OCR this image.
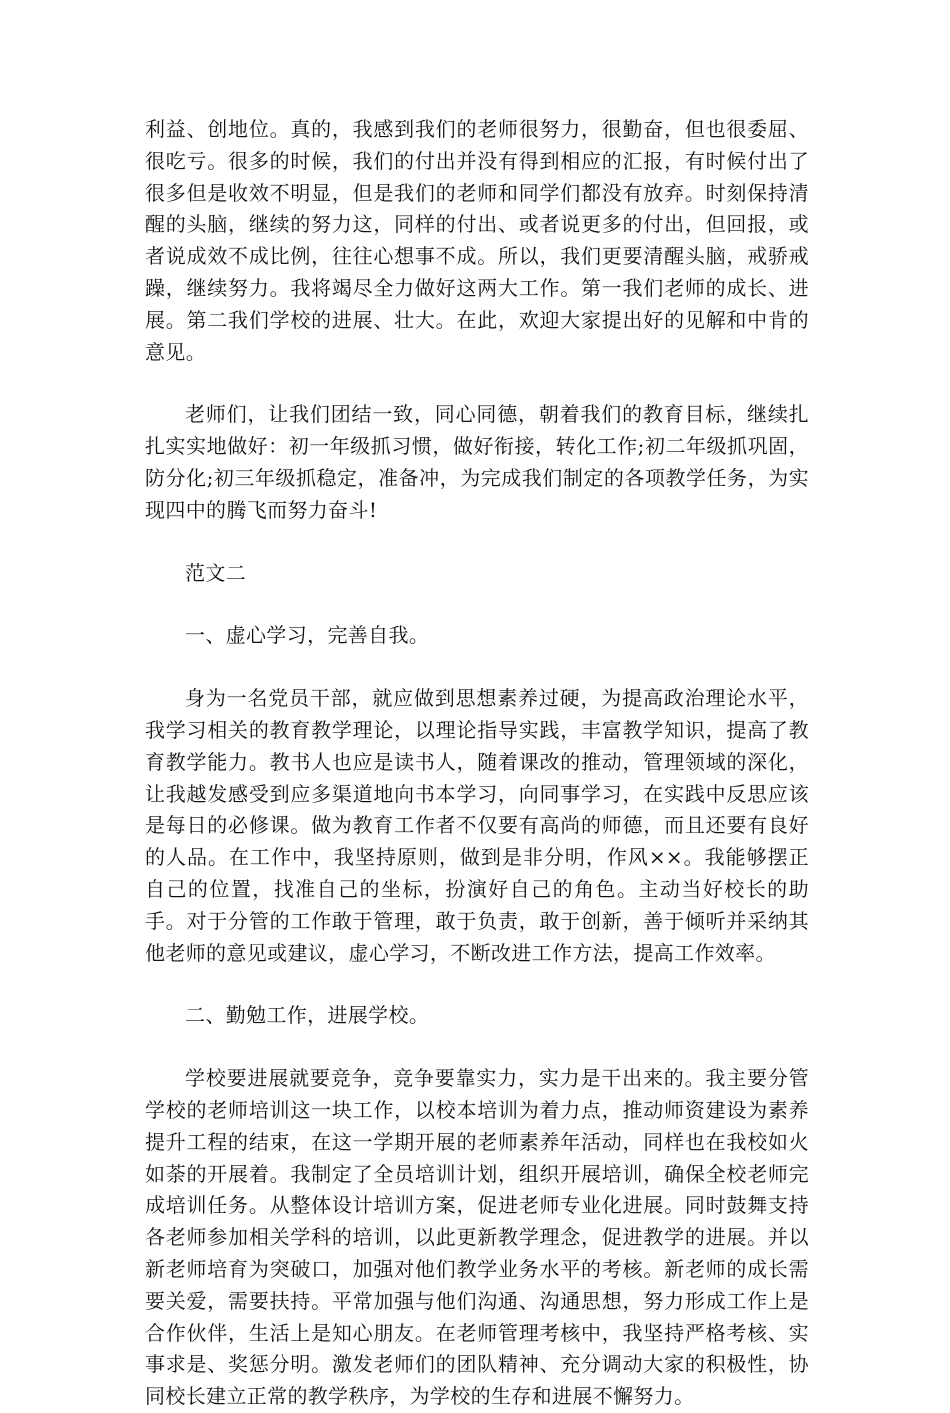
利益、创地位。真的，我感到我们的老师很努力，很勤奋，但也很委屈、很吃亏。很多的时候，我们的付出并没有得到相应的汇报，有时候付出了很多但是收效不明显，但是我们的老师和同学们都没有放弃。时刻保持清醒的头脑，继续的努力这，同样的付出、或者说更多的付出，但回报，或者说成效不成比例，往往心想事不成。所以，我们更要清醒头脑，戒骄戒躁，继续努力。我将竭尽全力做好这两大工作。第一我们老师的成长、进展。第二我们学校的进展、壮大。在此，欢迎大家提出好的见解和中肯的意见。

老师们，让我们团结一致，同心同德，朝着我们的教育目标，继续扎扎实实地做好：初一年级抓习惯，做好衔接，转化工作;初二年级抓巩固，防分化;初三年级抓稳定，准备冲，为完成我们制定的各项教学任务，为实现四中的腾飞而努力奋斗!

范文二

一、虚心学习，完善自我。

身为一名党员干部，就应做到思想素养过硬，为提高政治理论水平，我学习相关的教育教学理论，以理论指导实践，丰富教学知识，提高了教育教学能力。教书人也应是读书人，随着课改的推动，管理领域的深化，让我越发感受到应多渠道地向书本学习，向同事学习，在实践中反思应该是每日的必修课。做为教育工作者不仅要有高尚的师德，而且还要有良好的人品。在工作中，我坚持原则，做到是非分明，作风××。我能够摆正自己的位置，找准自己的坐标，扮演好自己的角色。主动当好校长的助手。对于分管的工作敢于管理，敢于负责，敢于创新，善于倾听并采纳其他老师的意见或建议，虚心学习，不断改进工作方法，提高工作效率。

二、勤勉工作，进展学校。

学校要进展就要竞争，竞争要靠实力，实力是干出来的。我主要分管学校的老师培训这一块工作，以校本培训为着力点，推动师资建设为素养提升工程的结束，在这一学期开展的老师素养年活动，同样也在我校如火如荼的开展着。我制定了全员培训计划，组织开展培训，确保全校老师完成培训任务。从整体设计培训方案，促进老师专业化进展。同时鼓舞支持各老师参加相关学科的培训，以此更新教学理念，促进教学的进展。并以新老师培育为突破口，加强对他们教学业务水平的考核。新老师的成长需要关爱，需要扶持。平常加强与他们沟通、沟通思想，努力形成工作上是合作伙伴，生活上是知心朋友。在老师管理考核中，我坚持严格考核、实事求是、奖惩分明。激发老师们的团队精神、充分调动大家的积极性，协同校长建立正常的教学秩序，为学校的生存和进展不懈努力。
